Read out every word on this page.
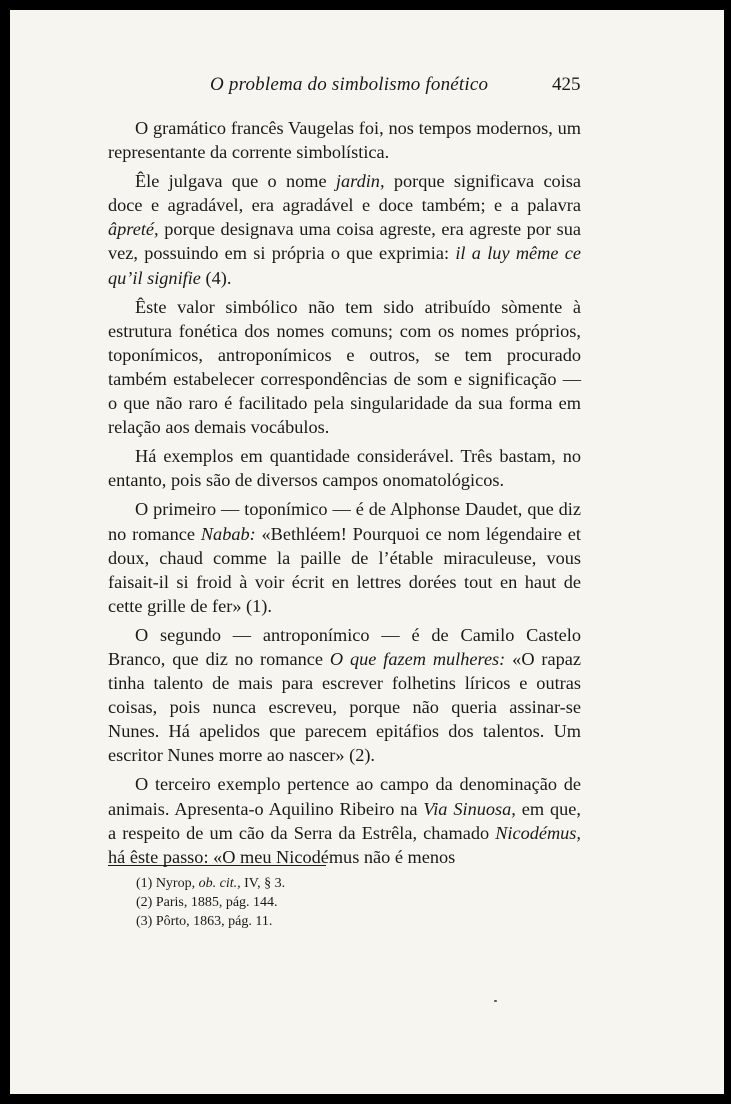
O problema do simbolismo fonético	425

O gramático francês Vaugelas foi, nos tempos modernos, um representante da corrente simbolística.

Êle julgava que o nome jardin, porque significava coisa doce e agradável, era agradável e doce também; e a palavra âpreté, porque designava uma coisa agreste, era agreste por sua vez, possuindo em si própria o que exprimia: il a luy même ce qu’il signifie (4).

Êste valor simbólico não tem sido atribuído sòmente à estrutura fonética dos nomes comuns; com os nomes próprios, toponímicos, antroponímicos e outros, se tem procurado também estabelecer correspondências de som e significação — o que não raro é facilitado pela singularidade da sua forma em relação aos demais vocábulos.

Há exemplos em quantidade considerável. Três bastam, no entanto, pois são de diversos campos onomatológicos.

O primeiro — toponímico — é de Alphonse Daudet, que diz no romance Nabab: «Bethléem! Pourquoi ce nom légendaire et doux, chaud comme la paille de l’étable miraculeuse, vous faisait-il si froid à voir écrit en lettres dorées tout en haut de cette grille de fer» (1).

O segundo — antroponímico — é de Camilo Castelo Branco, que diz no romance O que fazem mulheres: «O rapaz tinha talento de mais para escrever folhetins líricos e outras coisas, pois nunca escreveu, porque não queria assinar-se Nunes. Há apelidos que parecem epitáfios dos talentos. Um escritor Nunes morre ao nascer» (2).

O terceiro exemplo pertence ao campo da denominação de animais. Apresenta-o Aquilino Ribeiro na Via Sinuosa, em que, a respeito de um cão da Serra da Estrêla, chamado Nicodémus, há êste passo: «O meu Nicodémus não é menos

(1) Nyrop, ob. cit., IV, § 3.
(2) Paris, 1885, pág. 144.
(3) Pôrto, 1863, pág. 11.
